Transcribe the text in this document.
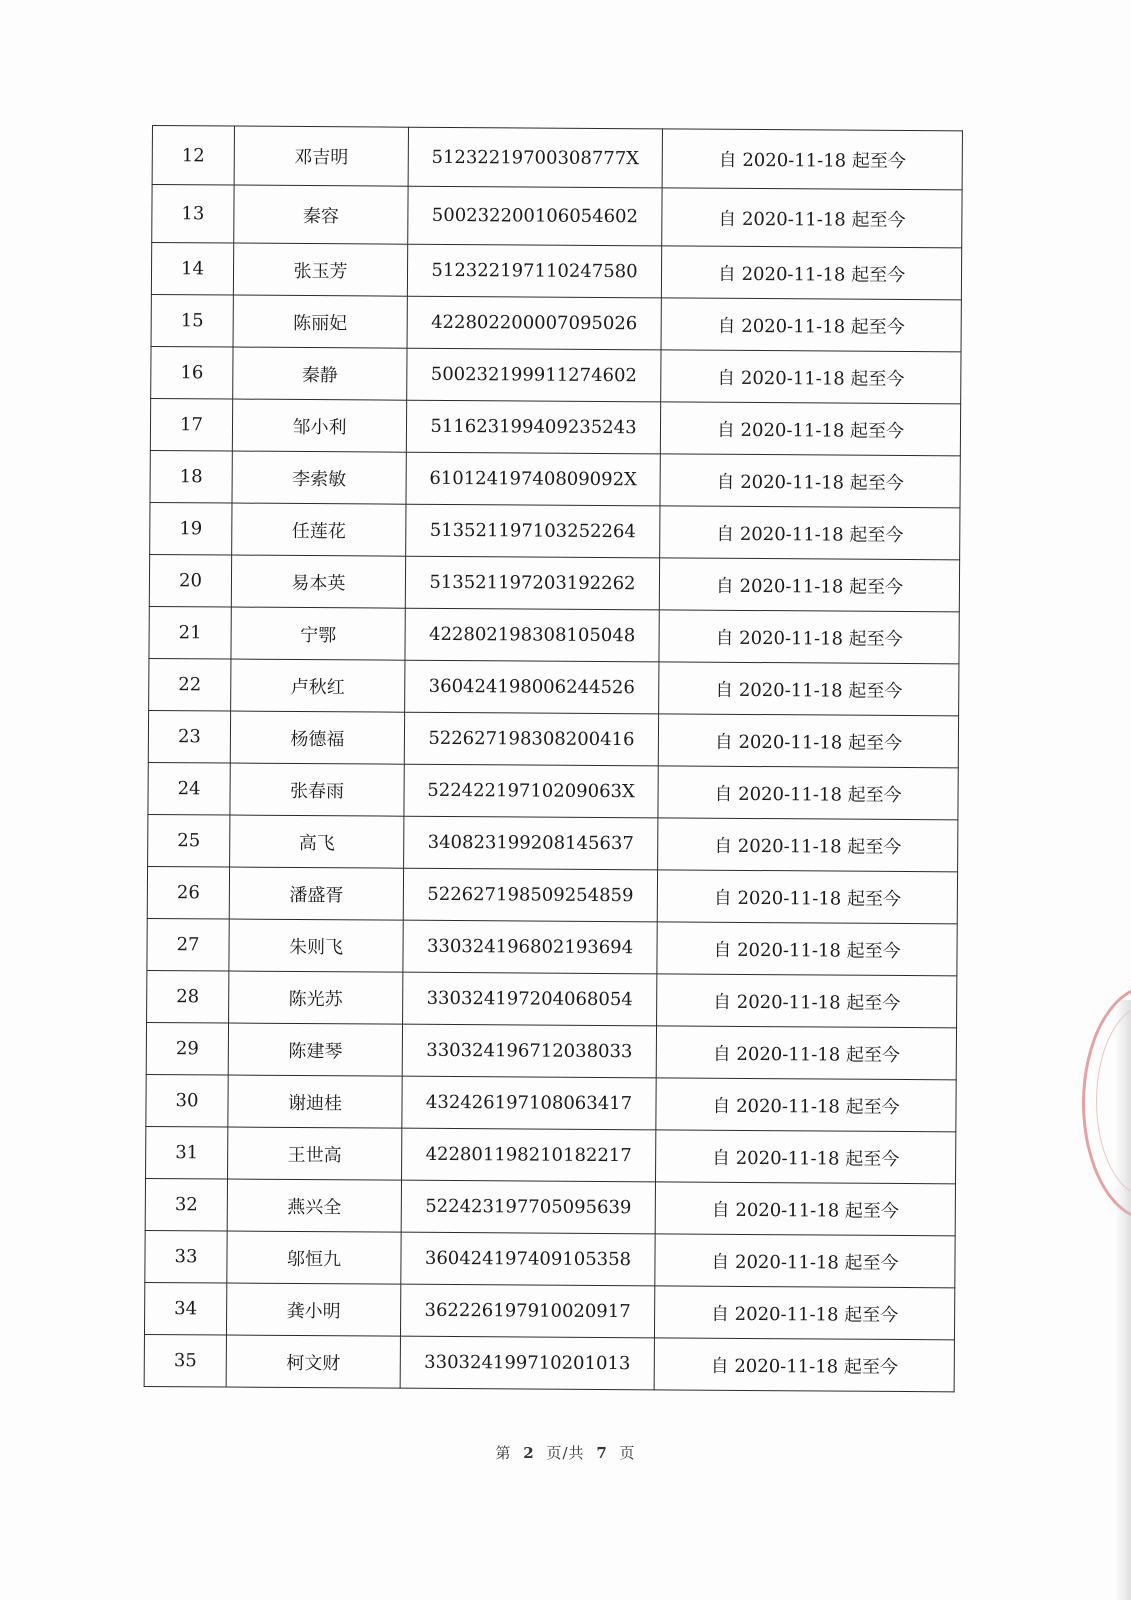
12	邓吉明	51232219700308777X	自 2020-11-18 起至今
13	秦容	500232200106054602	自 2020-11-18 起至今
14	张玉芳	512322197110247580	自 2020-11-18 起至今
15	陈丽妃	422802200007095026	自 2020-11-18 起至今
16	秦静	500232199911274602	自 2020-11-18 起至今
17	邹小利	511623199409235243	自 2020-11-18 起至今
18	李索敏	61012419740809092X	自 2020-11-18 起至今
19	任莲花	513521197103252264	自 2020-11-18 起至今
20	易本英	513521197203192262	自 2020-11-18 起至今
21	宁鄂	422802198308105048	自 2020-11-18 起至今
22	卢秋红	360424198006244526	自 2020-11-18 起至今
23	杨德福	522627198308200416	自 2020-11-18 起至今
24	张春雨	52242219710209063X	自 2020-11-18 起至今
25	高飞	340823199208145637	自 2020-11-18 起至今
26	潘盛胥	522627198509254859	自 2020-11-18 起至今
27	朱则飞	330324196802193694	自 2020-11-18 起至今
28	陈光苏	330324197204068054	自 2020-11-18 起至今
29	陈建琴	330324196712038033	自 2020-11-18 起至今
30	谢迪桂	432426197108063417	自 2020-11-18 起至今
31	王世高	422801198210182217	自 2020-11-18 起至今
32	燕兴全	522423197705095639	自 2020-11-18 起至今
33	邬恒九	360424197409105358	自 2020-11-18 起至今
34	龚小明	362226197910020917	自 2020-11-18 起至今
35	柯文财	330324199710201013	自 2020-11-18 起至今
第 2 页/共 7 页
